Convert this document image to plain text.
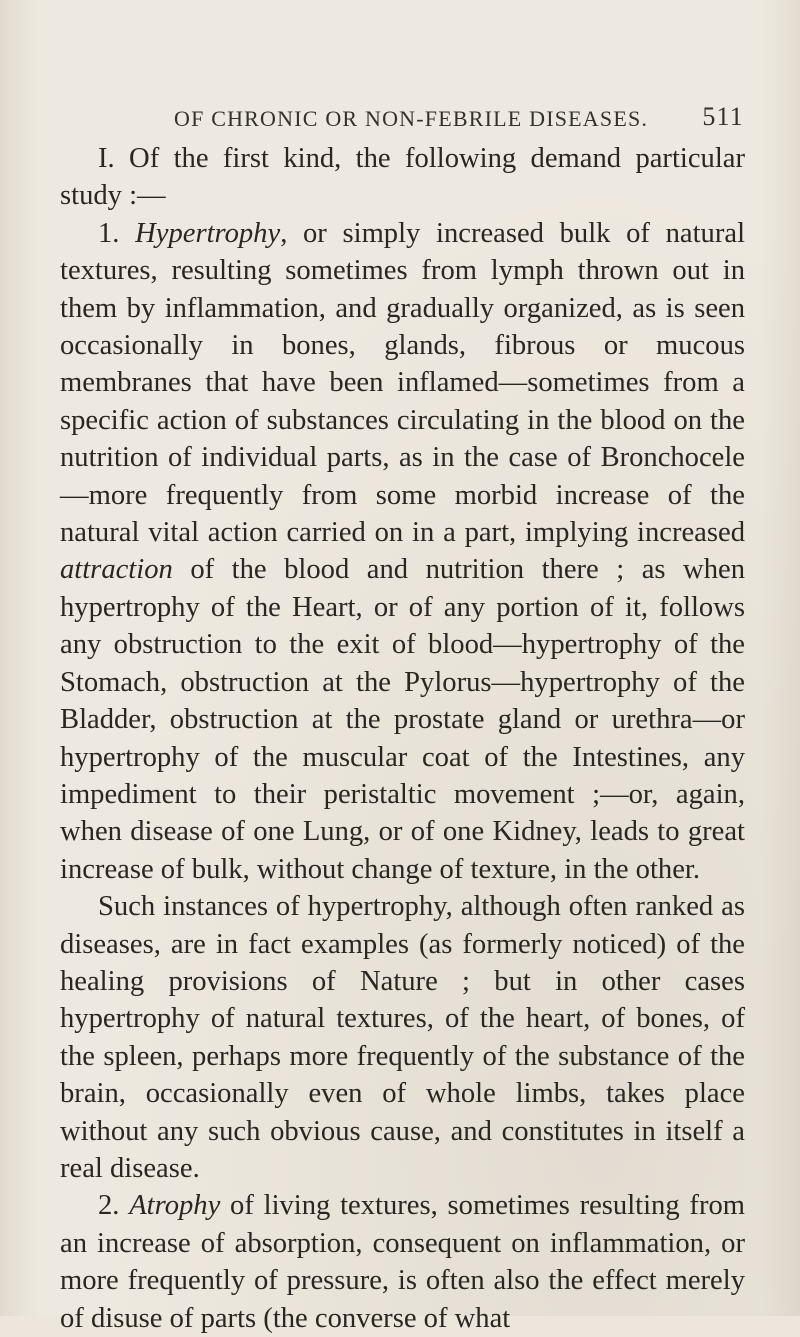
OF CHRONIC OR NON-FEBRILE DISEASES. 511

I. Of the first kind, the following demand particular study :—

1. Hypertrophy, or simply increased bulk of natural textures, resulting sometimes from lymph thrown out in them by inflammation, and gradually organized, as is seen occasionally in bones, glands, fibrous or mucous membranes that have been inflamed—sometimes from a specific action of substances circulating in the blood on the nutrition of individual parts, as in the case of Bronchocele —more frequently from some morbid increase of the natural vital action carried on in a part, implying increased attraction of the blood and nutrition there ; as when hypertrophy of the Heart, or of any portion of it, follows any obstruction to the exit of blood—hypertrophy of the Stomach, obstruction at the Pylorus—hypertrophy of the Bladder, obstruction at the prostate gland or urethra—or hypertrophy of the muscular coat of the Intestines, any impediment to their peristaltic movement ;—or, again, when disease of one Lung, or of one Kidney, leads to great increase of bulk, without change of texture, in the other.

Such instances of hypertrophy, although often ranked as diseases, are in fact examples (as formerly noticed) of the healing provisions of Nature ; but in other cases hypertrophy of natural textures, of the heart, of bones, of the spleen, perhaps more frequently of the substance of the brain, occasionally even of whole limbs, takes place without any such obvious cause, and constitutes in itself a real disease.

2. Atrophy of living textures, sometimes resulting from an increase of absorption, consequent on inflammation, or more frequently of pressure, is often also the effect merely of disuse of parts (the converse of what
